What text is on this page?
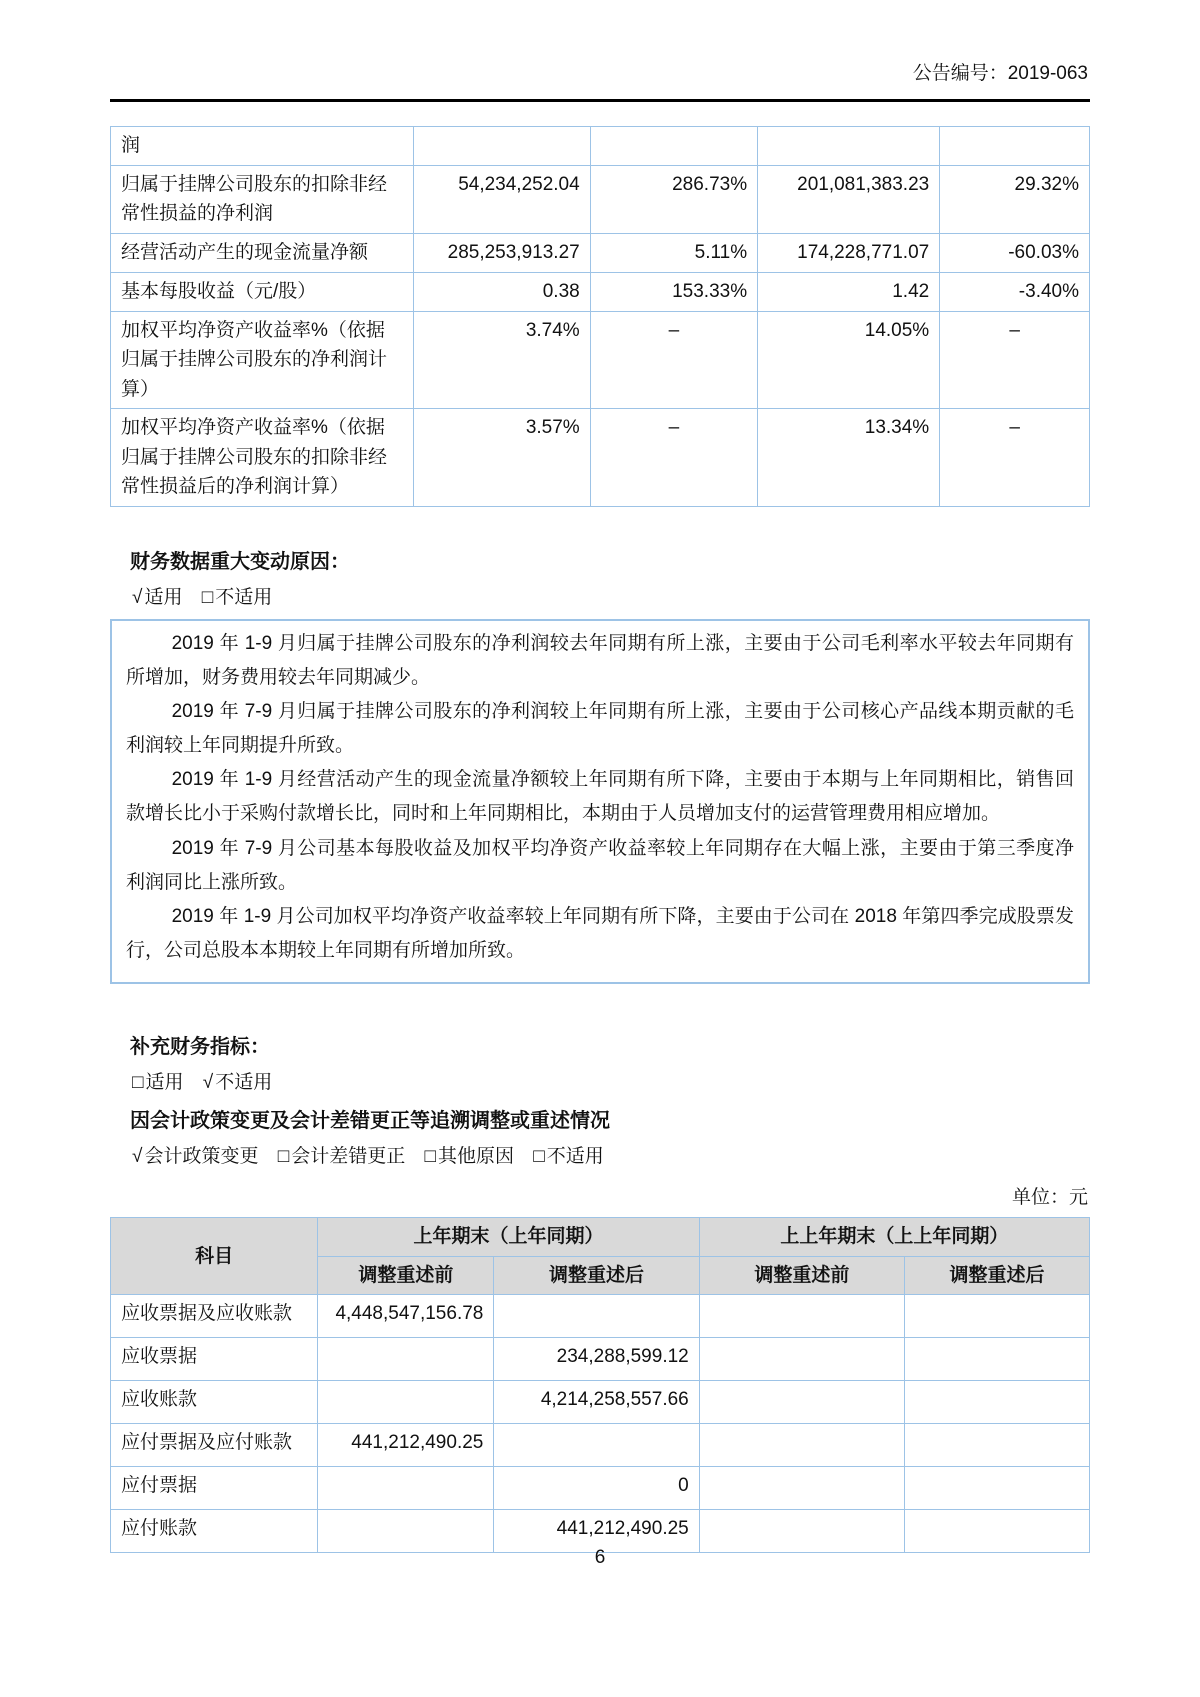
公告编号：2019-063
润				
归属于挂牌公司股东的扣除非经常性损益的净利润	54,234,252.04	286.73%	201,081,383.23	29.32%
经营活动产生的现金流量净额	285,253,913.27	5.11%	174,228,771.07	-60.03%
基本每股收益（元/股）	0.38	153.33%	1.42	-3.40%
加权平均净资产收益率%（依据归属于挂牌公司股东的净利润计算）	3.74%	–	14.05%	–
加权平均净资产收益率%（依据归属于挂牌公司股东的扣除非经常性损益后的净利润计算）	3.57%	–	13.34%	–
财务数据重大变动原因：
√ 适用 □ 不适用

2019 年 1-9 月归属于挂牌公司股东的净利润较去年同期有所上涨，主要由于公司毛利率水平较去年同期有所增加，财务费用较去年同期减少。

2019 年 7-9 月归属于挂牌公司股东的净利润较上年同期有所上涨，主要由于公司核心产品线本期贡献的毛利润较上年同期提升所致。

2019 年 1-9 月经营活动产生的现金流量净额较上年同期有所下降，主要由于本期与上年同期相比，销售回款增长比小于采购付款增长比，同时和上年同期相比，本期由于人员增加支付的运营管理费用相应增加。

2019 年 7-9 月公司基本每股收益及加权平均净资产收益率较上年同期存在大幅上涨，主要由于第三季度净利润同比上涨所致。

2019 年 1-9 月公司加权平均净资产收益率较上年同期有所下降，主要由于公司在 2018 年第四季完成股票发行，公司总股本本期较上年同期有所增加所致。

补充财务指标：
□ 适用 √ 不适用
因会计政策变更及会计差错更正等追溯调整或重述情况
√ 会计政策变更 □ 会计差错更正 □ 其他原因 □ 不适用
单位：元
科目	上年期末（上年同期）		上上年期末（上上年同期）	
	调整重述前	调整重述后	调整重述前	调整重述后
应收票据及应收账款	4,448,547,156.78			
应收票据		234,288,599.12		
应收账款		4,214,258,557.66		
应付票据及应付账款	441,212,490.25			
应付票据		0		
应付账款		441,212,490.25		
6
